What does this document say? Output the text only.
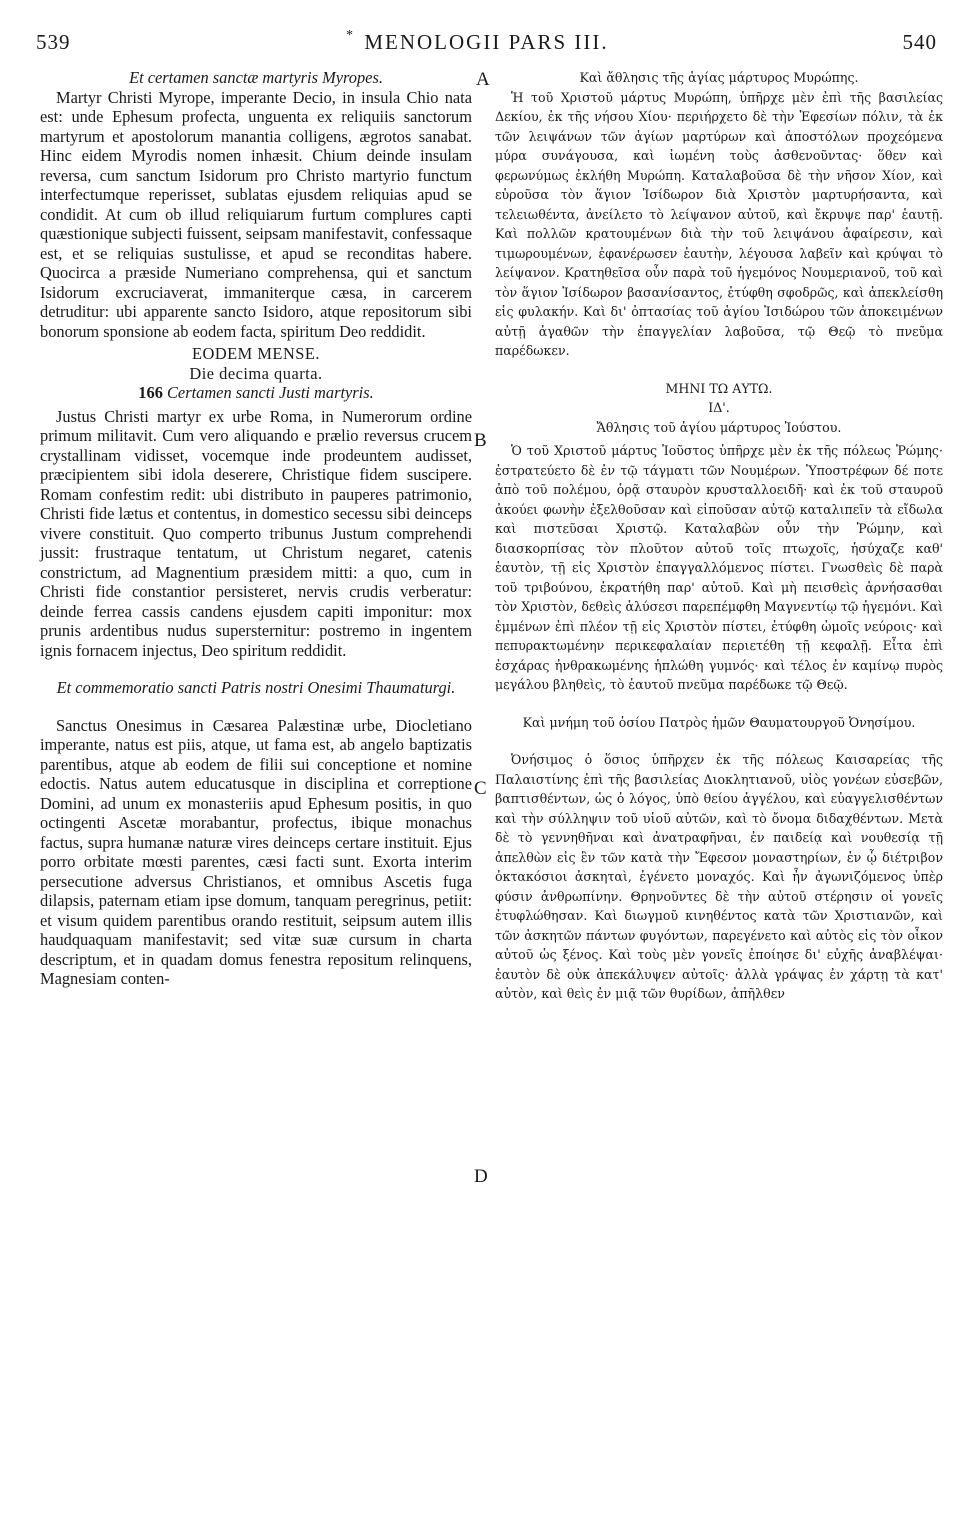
539	* MENOLOGII PARS III.	540
A
B
C
D

Et certamen sanctæ martyris Myropes.

Martyr Christi Myrope, imperante Decio, in insula Chio nata est: unde Ephesum profecta, unguenta ex reliquiis sanctorum martyrum et apostolorum manantia colligens, ægrotos sanabat. Hinc eidem Myrodis nomen inhæsit. Chium deinde insulam reversa, cum sanctum Isidorum pro Christo martyrio functum interfectumque reperisset, sublatas ejusdem reliquias apud se condidit. At cum ob illud reliquiarum furtum complures capti quæstionique subjecti fuissent, seipsam manifestavit, confessaque est, et se reliquias sustulisse, et apud se reconditas habere. Quocirca a præside Numeriano comprehensa, qui et sanctum Isidorum excruciaverat, immaniterque cæsa, in carcerem detruditur: ubi apparente sancto Isidoro, atque repositorum sibi bonorum sponsione ab eodem facta, spiritum Deo reddidit.

EODEM MENSE.

Die decima quarta.

166 Certamen sancti Justi martyris.

Justus Christi martyr ex urbe Roma, in Numerorum ordine primum militavit. Cum vero aliquando e prælio reversus crucem crystallinam vidisset, vocemque inde prodeuntem audisset, præcipientem sibi idola deserere, Christique fidem suscipere. Romam confestim redit: ubi distributo in pauperes patrimonio, Christi fide lætus et contentus, in domestico secessu sibi deinceps vivere constituit. Quo comperto tribunus Justum comprehendi jussit: frustraque tentatum, ut Christum negaret, catenis constrictum, ad Magnentium præsidem mitti: a quo, cum in Christi fide constantior persisteret, nervis crudis verberatur: deinde ferrea cassis candens ejusdem capiti imponitur: mox prunis ardentibus nudus supersternitur: postremo in ingentem ignis fornacem injectus, Deo spiritum reddidit.

Et commemoratio sancti Patris nostri Onesimi Thaumaturgi.

Sanctus Onesimus in Cæsarea Palæstinæ urbe, Diocletiano imperante, natus est piis, atque, ut fama est, ab angelo baptizatis parentibus, atque ab eodem de filii sui conceptione et nomine edoctis. Natus autem educatusque in disciplina et correptione Domini, ad unum ex monasteriis apud Ephesum positis, in quo octingenti Ascetæ morabantur, profectus, ibique monachus factus, supra humanæ naturæ vires deinceps certare instituit. Ejus porro orbitate mœsti parentes, cæsi facti sunt. Exorta interim persecutione adversus Christianos, et omnibus Ascetis fuga dilapsis, paternam etiam ipse domum, tanquam peregrinus, petiit: et visum quidem parentibus orando restituit, seipsum autem illis haudquaquam manifestavit; sed vitæ suæ cursum in charta descriptum, et in quadam domus fenestra repositum relinquens, Magnesiam conten-

Καὶ ἄθλησις τῆς ἁγίας μάρτυρος Μυρώπης.

Ἡ τοῦ Χριστοῦ μάρτυς Μυρώπη, ὑπῆρχε μὲν ἐπὶ τῆς βασιλείας Δεκίου, ἐκ τῆς νήσου Χίου· περιήρχετο δὲ τὴν Ἐφεσίων πόλιν, τὰ ἐκ τῶν λειψάνων τῶν ἁγίων μαρτύρων καὶ ἀποστόλων προχεόμενα μύρα συνάγουσα, καὶ ἰωμένη τοὺς ἀσθενοῦντας· ὅθεν καὶ φερωνύμως ἐκλήθη Μυρώπη. Καταλαβοῦσα δὲ τὴν νῆσον Χίον, καὶ εὑροῦσα τὸν ἅγιον Ἰσίδωρον διὰ Χριστὸν μαρτυρήσαντα, καὶ τελειωθέντα, ἀνείλετο τὸ λείψανον αὐτοῦ, καὶ ἔκρυψε παρ' ἑαυτῇ. Καὶ πολλῶν κρατουμένων διὰ τὴν τοῦ λειψάνου ἀφαίρεσιν, καὶ τιμωρουμένων, ἐφανέρωσεν ἑαυτὴν, λέγουσα λαβεῖν καὶ κρύψαι τὸ λείψανον. Κρατηθεῖσα οὖν παρὰ τοῦ ἡγεμόνος Νουμεριανοῦ, τοῦ καὶ τὸν ἅγιον Ἰσίδωρον βασανίσαντος, ἐτύφθη σφοδρῶς, καὶ ἀπεκλείσθη εἰς φυλακήν. Καὶ δι' ὀπτασίας τοῦ ἁγίου Ἰσιδώρου τῶν ἀποκειμένων αὐτῇ ἀγαθῶν τὴν ἐπαγγελίαν λαβοῦσα, τῷ Θεῷ τὸ πνεῦμα παρέδωκεν.

ΜΗΝΙ ΤΩ ΑΥΤΩ.

ΙΔ'.

Ἄθλησις τοῦ ἁγίου μάρτυρος Ἰούστου.

Ὁ τοῦ Χριστοῦ μάρτυς Ἰοῦστος ὑπῆρχε μὲν ἐκ τῆς πόλεως Ῥώμης· ἐστρατεύετο δὲ ἐν τῷ τάγματι τῶν Νουμέρων. Ὑποστρέφων δέ ποτε ἀπὸ τοῦ πολέμου, ὁρᾷ σταυρὸν κρυσταλλοειδῆ· καὶ ἐκ τοῦ σταυροῦ ἀκούει φωνὴν ἐξελθοῦσαν καὶ εἰποῦσαν αὐτῷ καταλιπεῖν τὰ εἴδωλα καὶ πιστεῦσαι Χριστῷ. Καταλαβὼν οὖν τὴν Ῥώμην, καὶ διασκορπίσας τὸν πλοῦτον αὐτοῦ τοῖς πτωχοῖς, ἡσύχαζε καθ' ἑαυτὸν, τῇ εἰς Χριστὸν ἐπαγγαλλόμενος πίστει. Γνωσθεὶς δὲ παρὰ τοῦ τριβούνου, ἐκρατήθη παρ' αὐτοῦ. Καὶ μὴ πεισθεὶς ἀρνήσασθαι τὸν Χριστὸν, δεθεὶς ἁλύσεσι παρεπέμφθη Μαγνεντίῳ τῷ ἡγεμόνι. Καὶ ἐμμένων ἐπὶ πλέον τῇ εἰς Χριστὸν πίστει, ἐτύφθη ὠμοῖς νεύροις· καὶ πεπυρακτωμένην περικεφαλαίαν περιετέθη τῇ κεφαλῇ. Εἶτα ἐπὶ ἐσχάρας ἠνθρακωμένης ἡπλώθη γυμνός· καὶ τέλος ἐν καμίνῳ πυρὸς μεγάλου βληθεὶς, τὸ ἑαυτοῦ πνεῦμα παρέδωκε τῷ Θεῷ.

Καὶ μνήμη τοῦ ὁσίου Πατρὸς ἡμῶν Θαυματουργοῦ Ὀνησίμου.

Ὀνήσιμος ὁ ὅσιος ὑπῆρχεν ἐκ τῆς πόλεως Καισαρείας τῆς Παλαιστίνης ἐπὶ τῆς βασιλείας Διοκλητιανοῦ, υἱὸς γονέων εὐσεβῶν, βαπτισθέντων, ὡς ὁ λόγος, ὑπὸ θείου ἀγγέλου, καὶ εὐαγγελισθέντων καὶ τὴν σύλληψιν τοῦ υἱοῦ αὐτῶν, καὶ τὸ ὄνομα διδαχθέντων. Μετὰ δὲ τὸ γεννηθῆναι καὶ ἀνατραφῆναι, ἐν παιδείᾳ καὶ νουθεσίᾳ τῇ ἀπελθὼν εἰς ἓν τῶν κατὰ τὴν Ἔφεσον μοναστηρίων, ἐν ᾧ διέτριβον ὀκτακόσιοι ἀσκηταὶ, ἐγένετο μοναχός. Καὶ ἦν ἀγωνιζόμενος ὑπὲρ φύσιν ἀνθρωπίνην. Θρηνοῦντες δὲ τὴν αὐτοῦ στέρησιν οἱ γονεῖς ἐτυφλώθησαν. Καὶ διωγμοῦ κινηθέντος κατὰ τῶν Χριστιανῶν, καὶ τῶν ἀσκητῶν πάντων φυγόντων, παρεγένετο καὶ αὐτὸς εἰς τὸν οἶκον αὐτοῦ ὡς ξένος. Καὶ τοὺς μὲν γονεῖς ἐποίησε δι' εὐχῆς ἀναβλέψαι· ἑαυτὸν δὲ οὐκ ἀπεκάλυψεν αὐτοῖς· ἀλλὰ γράψας ἐν χάρτῃ τὰ κατ' αὐτὸν, καὶ θεὶς ἐν μιᾷ τῶν θυρίδων, ἀπῆλθεν
